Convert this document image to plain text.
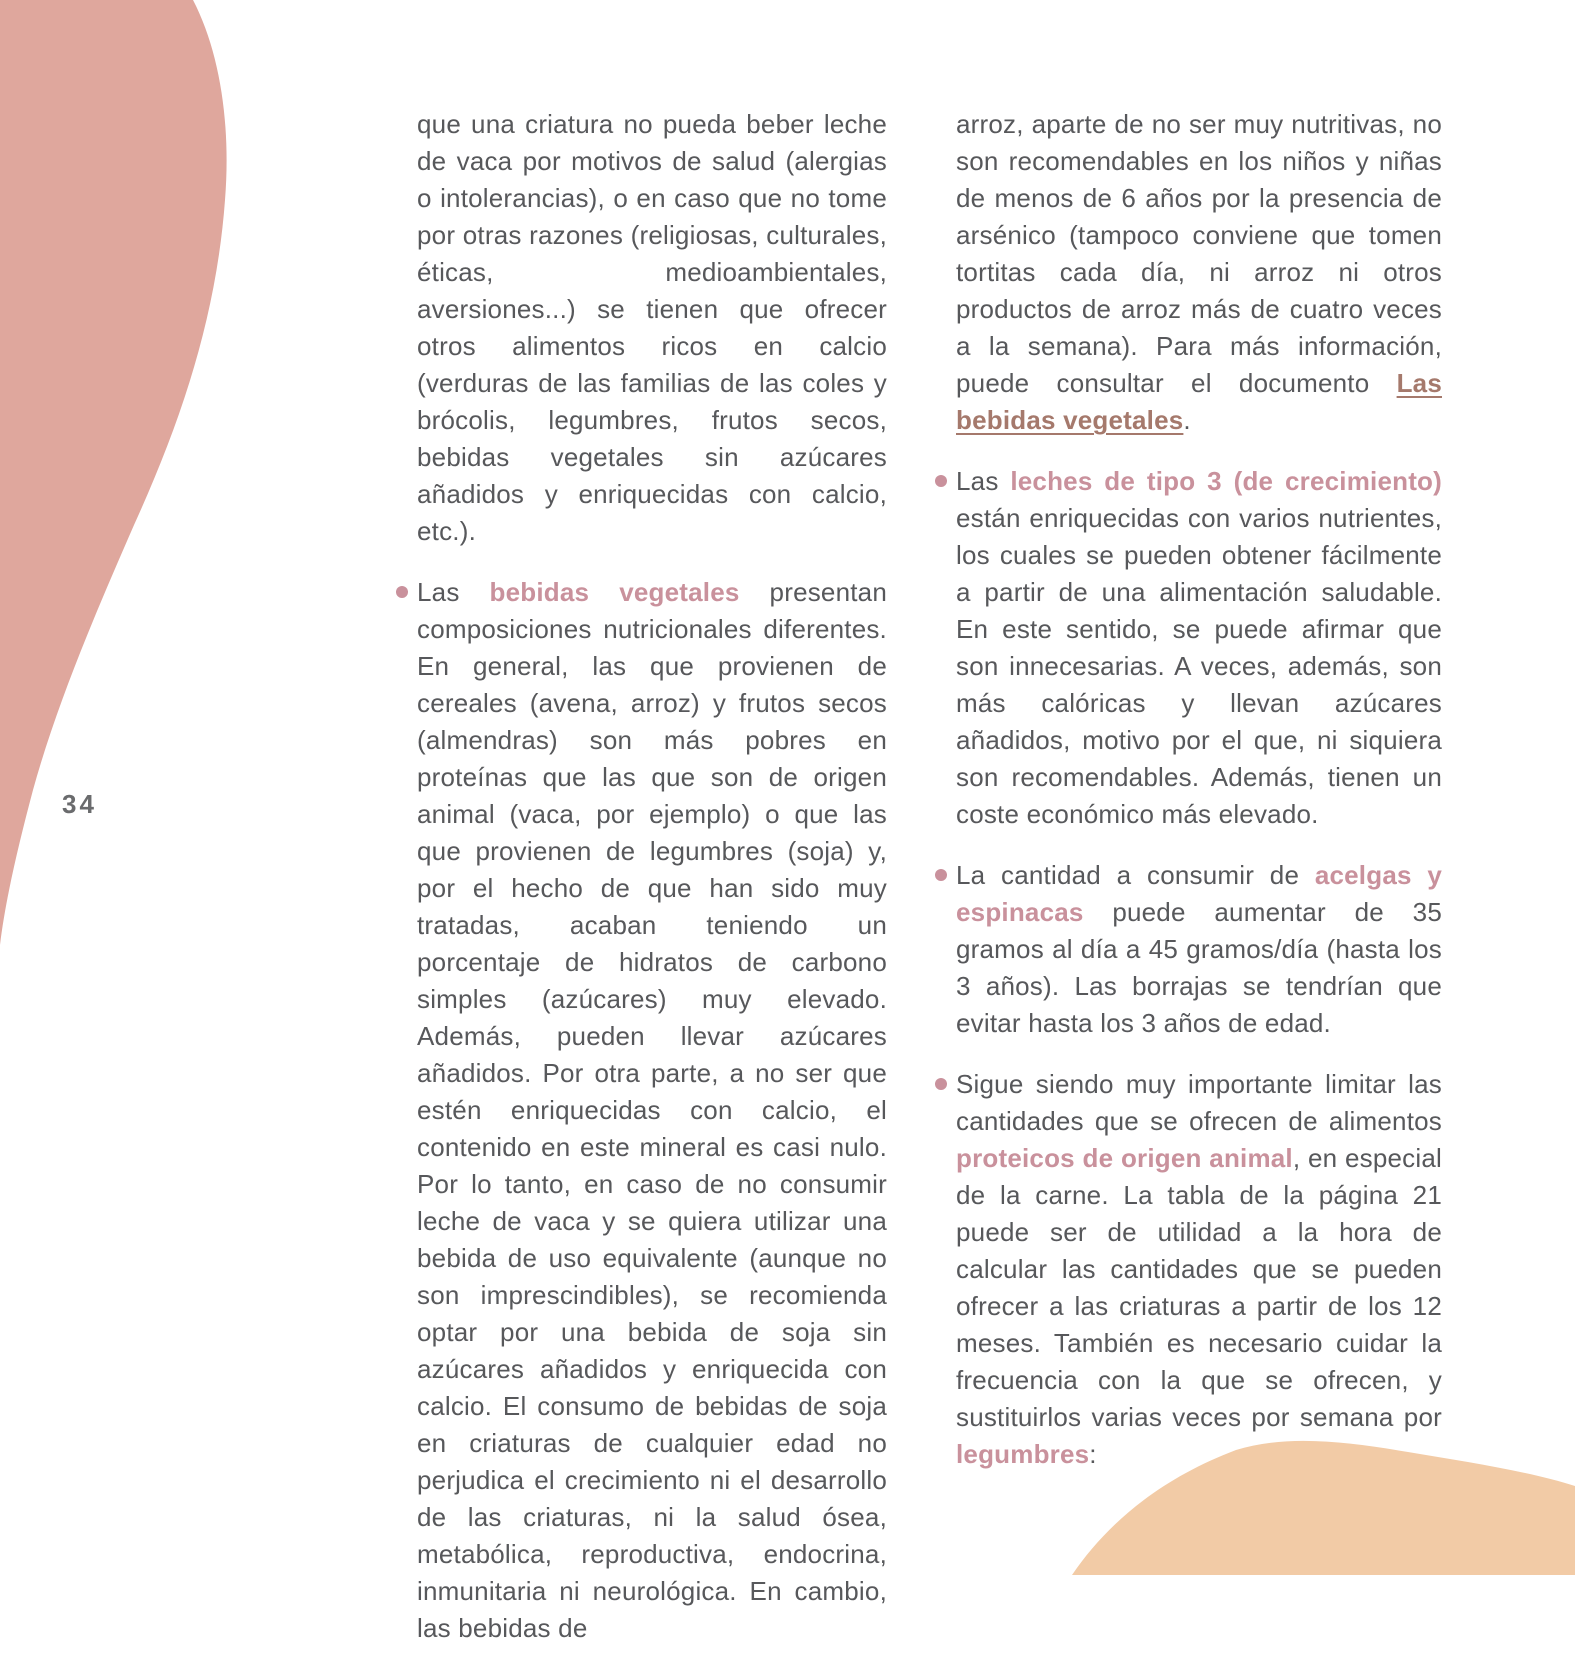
34

que una criatura no pueda beber leche de vaca por motivos de salud (alergias o intolerancias), o en caso que no tome por otras razones (religiosas, culturales, éticas, medioambientales, aversiones...) se tienen que ofrecer otros alimentos ricos en calcio (verduras de las familias de las coles y brócolis, legumbres, frutos secos, bebidas vegetales sin azúcares añadidos y enriquecidas con calcio, etc.).

Las bebidas vegetales presentan composiciones nutricionales diferentes. En general, las que provienen de cereales (avena, arroz) y frutos secos (almendras) son más pobres en proteínas que las que son de origen animal (vaca, por ejemplo) o que las que provienen de legumbres (soja) y, por el hecho de que han sido muy tratadas, acaban teniendo un porcentaje de hidratos de carbono simples (azúcares) muy elevado. Además, pueden llevar azúcares añadidos. Por otra parte, a no ser que estén enriquecidas con calcio, el contenido en este mineral es casi nulo. Por lo tanto, en caso de no consumir leche de vaca y se quiera utilizar una bebida de uso equivalente (aunque no son imprescindibles), se recomienda optar por una bebida de soja sin azúcares añadidos y enriquecida con calcio. El consumo de bebidas de soja en criaturas de cualquier edad no perjudica el crecimiento ni el desarrollo de las criaturas, ni la salud ósea, metabólica, reproductiva, endocrina, inmunitaria ni neurológica. En cambio, las bebidas de

arroz, aparte de no ser muy nutritivas, no son recomendables en los niños y niñas de menos de 6 años por la presencia de arsénico (tampoco conviene que tomen tortitas cada día, ni arroz ni otros productos de arroz más de cuatro veces a la semana). Para más información, puede consultar el documento Las bebidas vegetales.

Las leches de tipo 3 (de crecimiento) están enriquecidas con varios nutrientes, los cuales se pueden obtener fácilmente a partir de una alimentación saludable. En este sentido, se puede afirmar que son innecesarias. A veces, además, son más calóricas y llevan azúcares añadidos, motivo por el que, ni siquiera son recomendables. Además, tienen un coste económico más elevado.

La cantidad a consumir de acelgas y espinacas puede aumentar de 35 gramos al día a 45 gramos/día (hasta los 3 años). Las borrajas se tendrían que evitar hasta los 3 años de edad.

Sigue siendo muy importante limitar las cantidades que se ofrecen de alimentos proteicos de origen animal, en especial de la carne. La tabla de la página 21 puede ser de utilidad a la hora de calcular las cantidades que se pueden ofrecer a las criaturas a partir de los 12 meses. También es necesario cuidar la frecuencia con la que se ofrecen, y sustituirlos varias veces por semana por legumbres:
